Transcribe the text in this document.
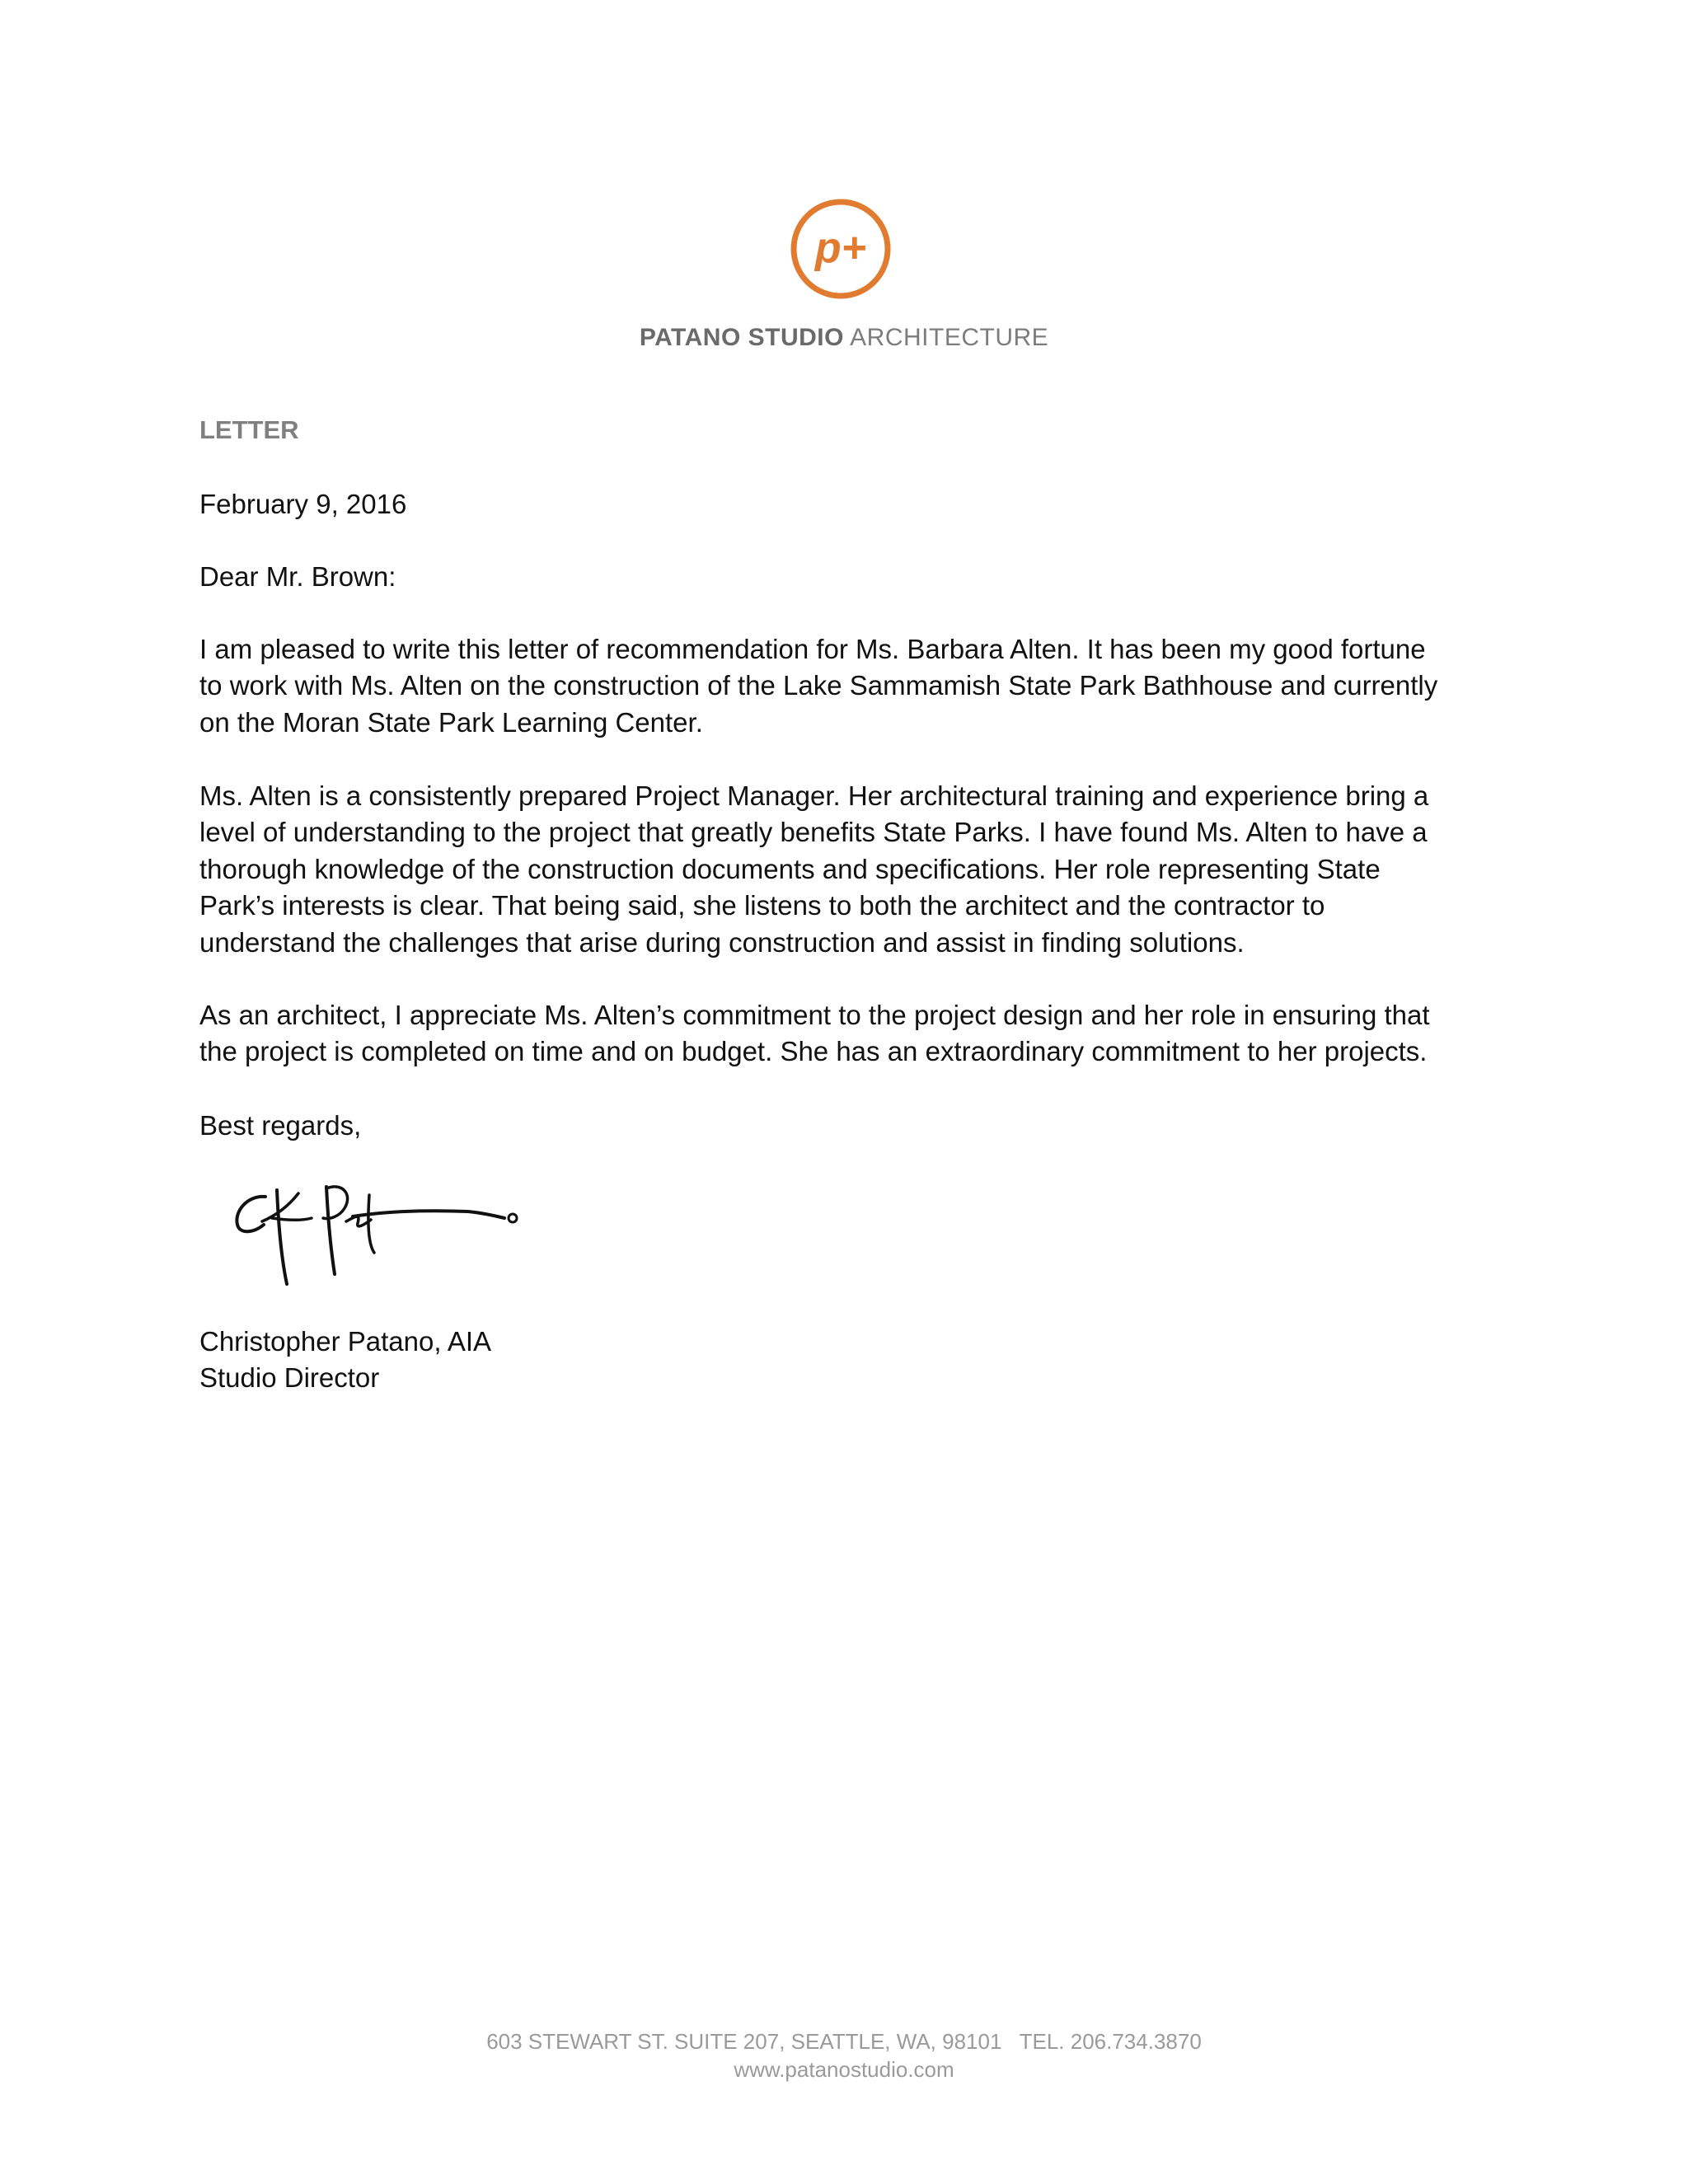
p+
PATANO STUDIO ARCHITECTURE
LETTER
February 9, 2016
Dear Mr. Brown:
I am pleased to write this letter of recommendation for Ms. Barbara Alten. It has been my good fortune
to work with Ms. Alten on the construction of the Lake Sammamish State Park Bathhouse and currently
on the Moran State Park Learning Center.
Ms. Alten is a consistently prepared Project Manager. Her architectural training and experience bring a
level of understanding to the project that greatly benefits State Parks. I have found Ms. Alten to have a
thorough knowledge of the construction documents and specifications. Her role representing State
Park’s interests is clear. That being said, she listens to both the architect and the contractor to
understand the challenges that arise during construction and assist in finding solutions.
As an architect, I appreciate Ms. Alten’s commitment to the project design and her role in ensuring that
the project is completed on time and on budget. She has an extraordinary commitment to her projects.
Best regards,
Christopher Patano, AIA
Studio Director
603 STEWART ST. SUITE 207, SEATTLE, WA, 98101   TEL. 206.734.3870
www.patanostudio.com
